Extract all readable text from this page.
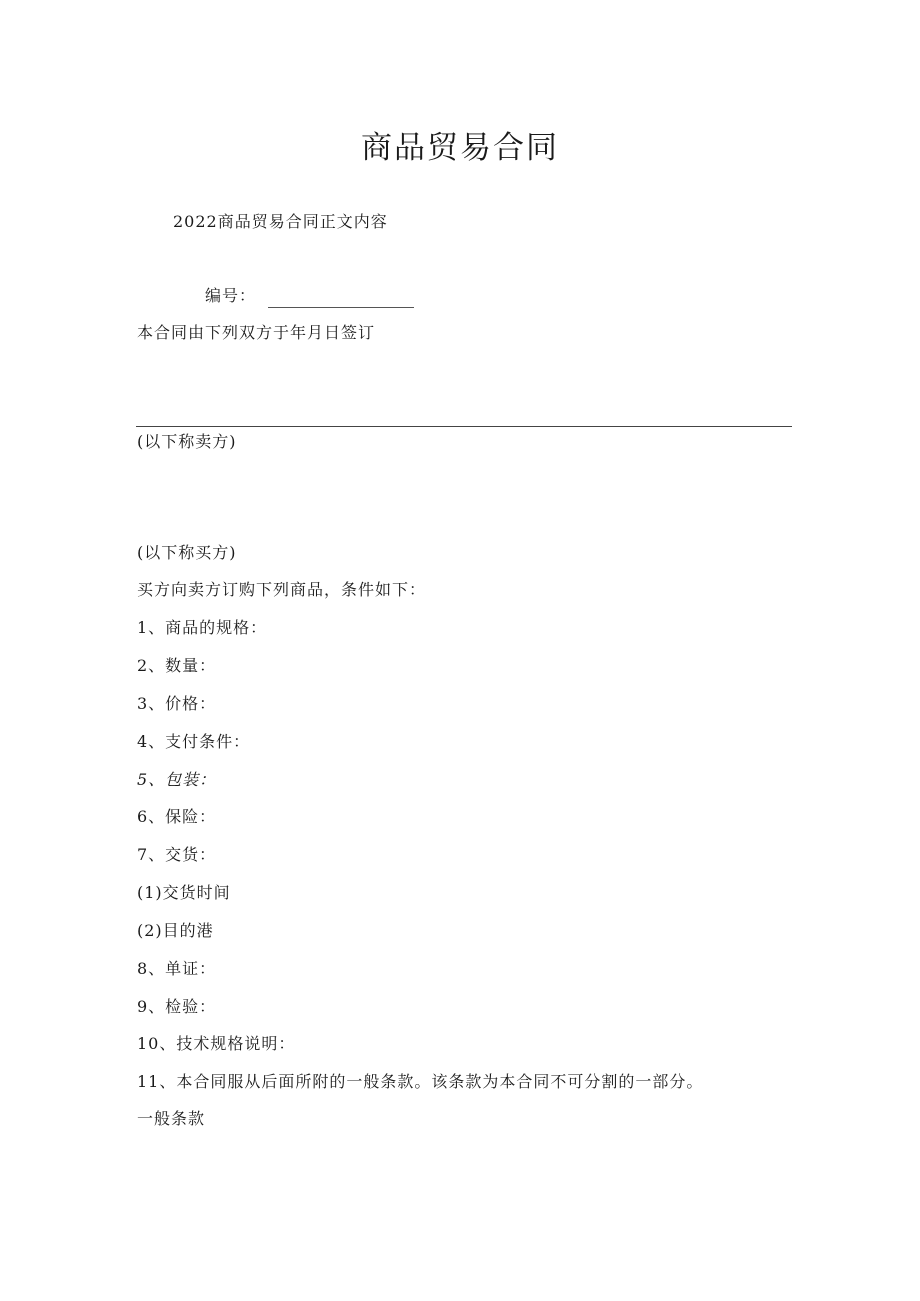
商品贸易合同
2022商品贸易合同正文内容
编号：
本合同由下列双方于年月日签订
(以下称卖方)
(以下称买方)
买方向卖方订购下列商品，条件如下：
1、商品的规格：
2、数量：
3、价格：
4、支付条件：
5、包装：
6、保险：
7、交货：
(1)交货时间
(2)目的港
8、单证：
9、检验：
10、技术规格说明：
11、本合同服从后面所附的一般条款。该条款为本合同不可分割的一部分。
一般条款
